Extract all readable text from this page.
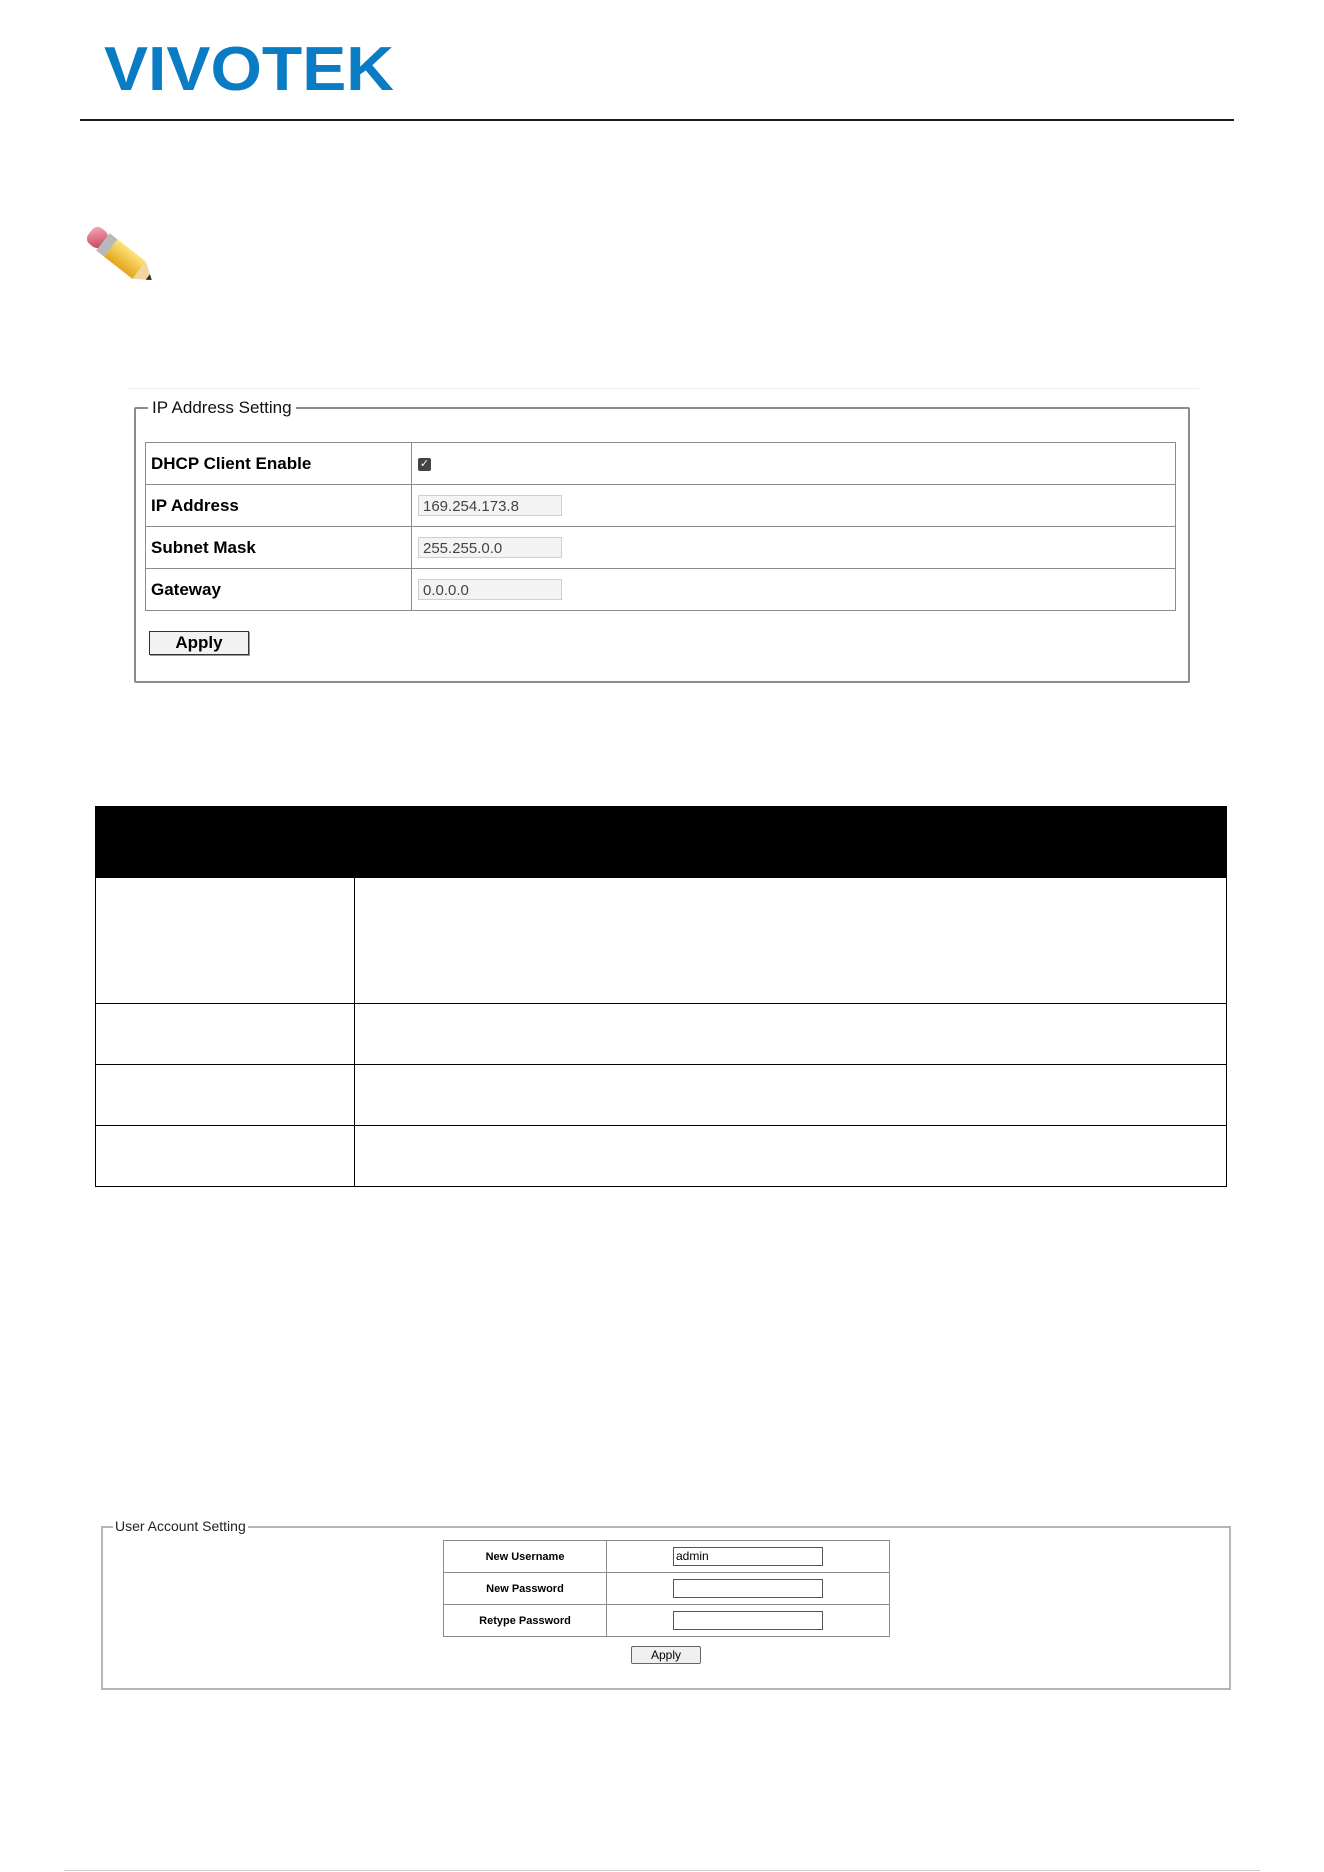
VIVOTEK
IP Address Setting
DHCP Client Enable	✓
IP Address	169.254.173.8
Subnet Mask	255.255.0.0
Gateway	0.0.0.0
Apply

User Account Setting
New Username	admin
New Password	
Retype Password	
Apply
